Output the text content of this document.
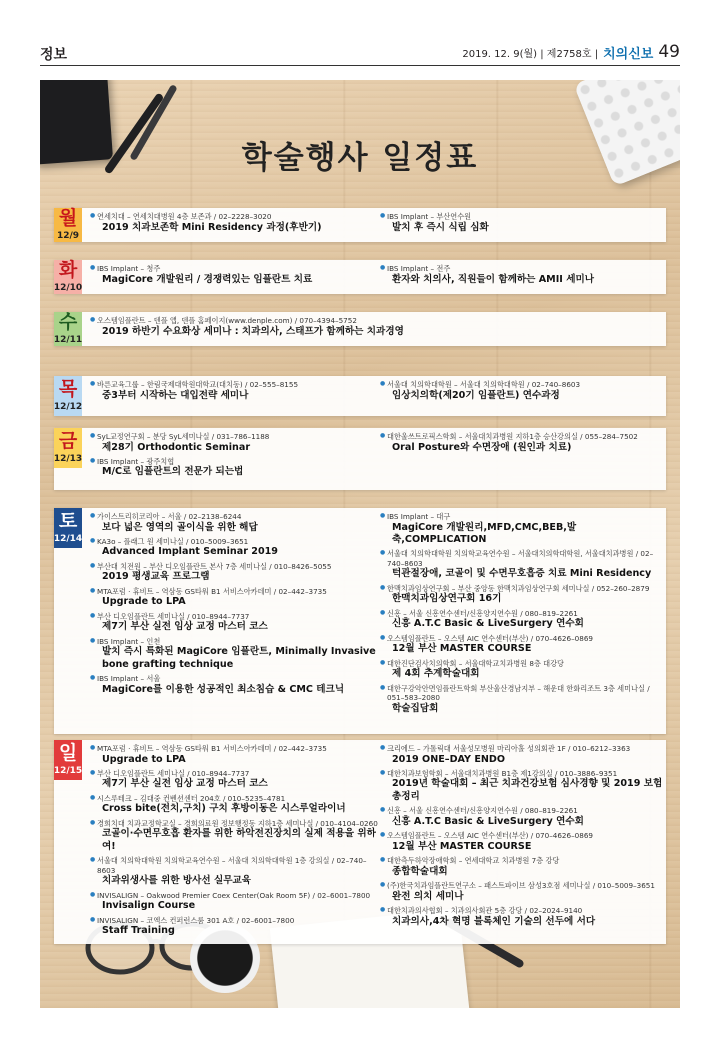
정보	2019. 12. 9(월) | 제2758호 | 치의신보 49
학술행사 일정표
월
12/9
● 연세치대 – 연세치대병원 4층 보존과 / 02–2228–3020
2019 치과보존학 Mini Residency 과정(후반기)
● IBS Implant – 부산연수원
발치 후 즉시 식립 심화
화
12/10
● IBS Implant – 청주
MagiCore 개발원리 / 경쟁력있는 임플란트 치료
● IBS Implant – 전주
환자와 치의사, 직원들이 함께하는 AMII 세미나
수
12/11
● 오스템임플란트 – 덴플 앱, 덴플 홈페이지(www.denple.com) / 070–4394–5752
2019 하반기 수요화상 세미나 : 치과의사, 스태프가 함께하는 치과경영
목
12/12
● 바른교육그룹 – 한림국제대학원대학교(대치동) / 02–555–8155
중3부터 시작하는 대입전략 세미나
● 서울대 치의학대학원 – 서울대 치의학대학원 / 02–740–8603
임상치의학(제20기 임플란트) 연수과정
금
12/13
● SyL교정연구회 – 분당 SyL세미나실 / 031–786–1188
제28기 Orthodontic Seminar
● IBS Implant – 광주치협
M/C로 임플란트의 전문가 되는법
● 대한울쓰트로픽스학회 – 서울대치과병원 지하1층 승산강의실 / 055–284–7502
Oral Posture와 수면장애 (원인과 치료)
토
12/14
● 가이스트리히코리아 – 서울 / 02–2138–6244
보다 넓은 영역의 골이식을 위한 해답
● KA3o – 플래그 원 세미나실 / 010–5009–3651
Advanced Implant Seminar 2019
● 부산대 치전원 – 부산 디오임플란트 본사 7층 세미나실 / 010–8426–5055
2019 평생교육 프로그램
● MTA포럼 · 휴비트 – 역삼동 GS타워 B1 서비스아카데미 / 02–442–3735
Upgrade to LPA
● 부산 디오임플란트 세미나실 / 010–8944–7737
제7기 부산 실전 임상 교정 마스터 코스
● IBS Implant – 인천
발치 즉시 특화된 MagiCore 임플란트, Minimally Invasive bone grafting technique
● IBS Implant – 서울
MagiCore를 이용한 성공적인 최소침습 & CMC 테크닉
● IBS Implant – 대구
MagiCore 개발원리,MFD,CMC,BEB,발축,COMPLICATION
● 서울대 치의학대학원 치의학교육연수원 – 서울대치의학대학원, 서울대치과병원 / 02–740–8603
턱관절장애, 코골이 및 수면무호흡증 치료 Mini Residency
● 한맥치과임상연구회 – 부산 중앙동 한맥치과임상연구회 세미나실 / 052–260–2879
한맥치과임상연구회 16기
● 신흥 – 서울 신흥연수센터/신흥양지연수원 / 080–819–2261
신흥 A.T.C Basic & LiveSurgery 연수회
● 오스템임플란트 – 오스템 AIC 연수센터(부산) / 070–4626–0869
12월 부산 MASTER COURSE
● 대한진단검사치의학회 – 서울대학교치과병원 8층 대강당
제 4회 추계학술대회
● 대한구강악안면임플란트학회 부산울산경남지부 – 해운대 한화리조트 3층 세미나실 / 051–583–2080
학술집담회
일
12/15
● MTA포럼 · 휴비트 – 역삼동 GS타워 B1 서비스아카데미 / 02–442–3735
Upgrade to LPA
● 부산 디오임플란트 세미나실 / 010–8944–7737
제7기 부산 실전 임상 교정 마스터 코스
● 시스루테크 – 김대중 컨벤션센터 204호 / 010–5235–4781
Cross bite(전치,구치) 구치 후방이동은 시스루얼라이너
● 경희치대 치과교정학교실 – 경희의료원 정보행정동 지하1층 세미나실 / 010–4104–0260
코골이·수면무호흡 환자를 위한 하악전진장치의 실제 적용을 위하여!
● 서울대 치의학대학원 치의학교육연수원 – 서울대 치의학대학원 1층 강의실 / 02–740–8603
치과위생사를 위한 방사선 실무교육
● INVISALIGN – Oakwood Premier Coex Center(Oak Room 5F) / 02–6001–7800
Invisalign Course
● INVISALIGN – 코엑스 컨퍼런스룸 301 A호 / 02–6001–7800
Staff Training
● 크리에드 – 가톨릭대 서울성모병원 마리아홀 성의회관 1F / 010–6212–3363
2019 ONE–DAY ENDO
● 대한치과보험학회 – 서울대치과병원 B1층 제1강의실 / 010–3886–9351
2019년 학술대회 – 최근 치과건강보험 심사경향 및 2019 보험 총정리
● 신흥 – 서울 신흥연수센터/신흥양지연수원 / 080–819–2261
신흥 A.T.C Basic & LiveSurgery 연수회
● 오스템임플란트 – 오스템 AIC 연수센터(부산) / 070–4626–0869
12월 부산 MASTER COURSE
● 대한측두하악장애학회 – 연세대학교 치과병원 7층 강당
종합학술대회
● (주)한국치과임플란트연구소 – 패스트파이브 삼성3호점 세미나실 / 010–5009–3651
완전 의치 세미나
● 대한치과의사협회 – 치과의사회관 5층 강당 / 02–2024–9140
치과의사,4차 혁명 블록체인 기술의 선두에 서다
